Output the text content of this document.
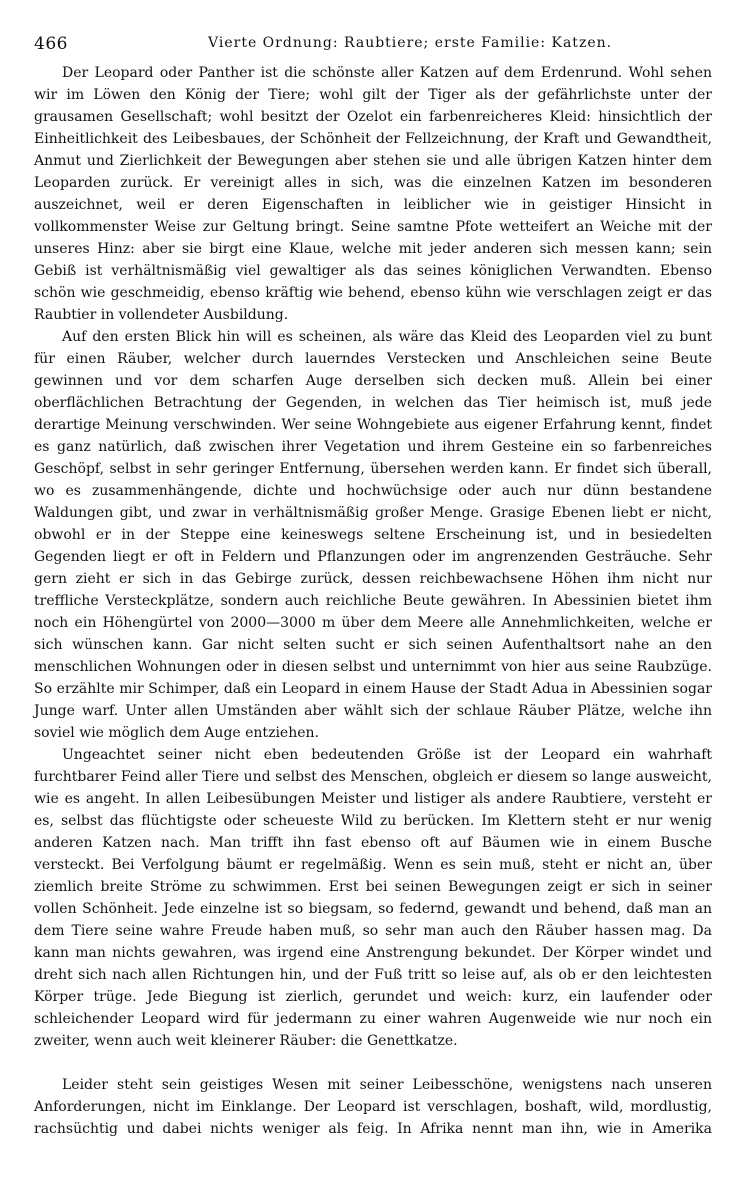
466	Vierte Ordnung: Raubtiere; erste Familie: Katzen.

Der Leopard oder Panther ist die schönste aller Katzen auf dem Erdenrund. Wohl sehen wir im Löwen den König der Tiere; wohl gilt der Tiger als der gefährlichste unter der grausamen Gesellschaft; wohl besitzt der Ozelot ein farbenreicheres Kleid: hinsichtlich der Einheitlichkeit des Leibesbaues, der Schönheit der Fellzeichnung, der Kraft und Gewandtheit, Anmut und Zierlichkeit der Bewegungen aber stehen sie und alle übrigen Katzen hinter dem Leoparden zurück. Er vereinigt alles in sich, was die einzelnen Katzen im besonderen auszeichnet, weil er deren Eigenschaften in leiblicher wie in geistiger Hinsicht in vollkommenster Weise zur Geltung bringt. Seine samtne Pfote wetteifert an Weiche mit der unseres Hinz: aber sie birgt eine Klaue, welche mit jeder anderen sich messen kann; sein Gebiß ist verhältnismäßig viel gewaltiger als das seines königlichen Verwandten. Ebenso schön wie geschmeidig, ebenso kräftig wie behend, ebenso kühn wie verschlagen zeigt er das Raubtier in vollendeter Ausbildung.

Auf den ersten Blick hin will es scheinen, als wäre das Kleid des Leoparden viel zu bunt für einen Räuber, welcher durch lauerndes Verstecken und Anschleichen seine Beute gewinnen und vor dem scharfen Auge derselben sich decken muß. Allein bei einer oberflächlichen Betrachtung der Gegenden, in welchen das Tier heimisch ist, muß jede derartige Meinung verschwinden. Wer seine Wohngebiete aus eigener Erfahrung kennt, findet es ganz natürlich, daß zwischen ihrer Vegetation und ihrem Gesteine ein so farbenreiches Geschöpf, selbst in sehr geringer Entfernung, übersehen werden kann. Er findet sich überall, wo es zusammenhängende, dichte und hochwüchsige oder auch nur dünn bestandene Waldungen gibt, und zwar in verhältnismäßig großer Menge. Grasige Ebenen liebt er nicht, obwohl er in der Steppe eine keineswegs seltene Erscheinung ist, und in besiedelten Gegenden liegt er oft in Feldern und Pflanzungen oder im angrenzenden Gesträuche. Sehr gern zieht er sich in das Gebirge zurück, dessen reichbewachsene Höhen ihm nicht nur treffliche Versteckplätze, sondern auch reichliche Beute gewähren. In Abessinien bietet ihm noch ein Höhengürtel von 2000—3000 m über dem Meere alle Annehmlichkeiten, welche er sich wünschen kann. Gar nicht selten sucht er sich seinen Aufenthaltsort nahe an den menschlichen Wohnungen oder in diesen selbst und unternimmt von hier aus seine Raubzüge. So erzählte mir Schimper, daß ein Leopard in einem Hause der Stadt Adua in Abessinien sogar Junge warf. Unter allen Umständen aber wählt sich der schlaue Räuber Plätze, welche ihn soviel wie möglich dem Auge entziehen.

Ungeachtet seiner nicht eben bedeutenden Größe ist der Leopard ein wahrhaft furchtbarer Feind aller Tiere und selbst des Menschen, obgleich er diesem so lange ausweicht, wie es angeht. In allen Leibesübungen Meister und listiger als andere Raubtiere, versteht er es, selbst das flüchtigste oder scheueste Wild zu berücken. Im Klettern steht er nur wenig anderen Katzen nach. Man trifft ihn fast ebenso oft auf Bäumen wie in einem Busche versteckt. Bei Verfolgung bäumt er regelmäßig. Wenn es sein muß, steht er nicht an, über ziemlich breite Ströme zu schwimmen. Erst bei seinen Bewegungen zeigt er sich in seiner vollen Schönheit. Jede einzelne ist so biegsam, so federnd, gewandt und behend, daß man an dem Tiere seine wahre Freude haben muß, so sehr man auch den Räuber hassen mag. Da kann man nichts gewahren, was irgend eine Anstrengung bekundet. Der Körper windet und dreht sich nach allen Richtungen hin, und der Fuß tritt so leise auf, als ob er den leichtesten Körper trüge. Jede Biegung ist zierlich, gerundet und weich: kurz, ein laufender oder schleichender Leopard wird für jedermann zu einer wahren Augenweide wie nur noch ein zweiter, wenn auch weit kleinerer Räuber: die Genettkatze.

Leider steht sein geistiges Wesen mit seiner Leibesschöne, wenigstens nach unseren Anforderungen, nicht im Einklange. Der Leopard ist verschlagen, boshaft, wild, mordlustig, rachsüchtig und dabei nichts weniger als feig. In Afrika nennt man ihn, wie in Amerika
